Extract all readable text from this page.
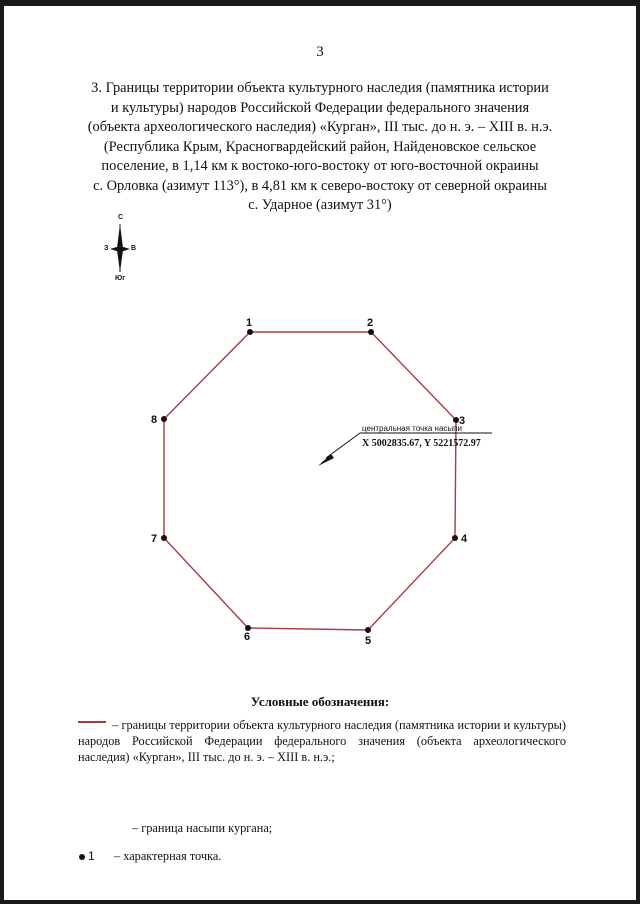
3
3. Границы территории объекта культурного наследия (памятника истории
и культуры) народов Российской Федерации федерального значения
(объекта археологического наследия) «Курган», III тыс. до н. э. – XIII в. н.э.
(Республика Крым, Красногвардейский район, Найденовское сельское
поселение, в 1,14 км к востоко-юго-востоку от юго-восточной окраины
с. Орловка (азимут 113°), в 4,81 км к северо-востоку от северной окраины
с. Ударное (азимут 31°)
С
З	В
Юг
1	2
3
4
5
6
7
8
центральная точка насыпи
X 5002835.67, Y 5221572.97
Условные обозначения:
– границы территории объекта культурного наследия (памятника истории и культуры) народов Российской Федерации федерального значения (объекта археологического наследия) «Курган», III тыс. до н. э. – XIII в. н.э.;
– граница насыпи кургана;
1 – характерная точка.
